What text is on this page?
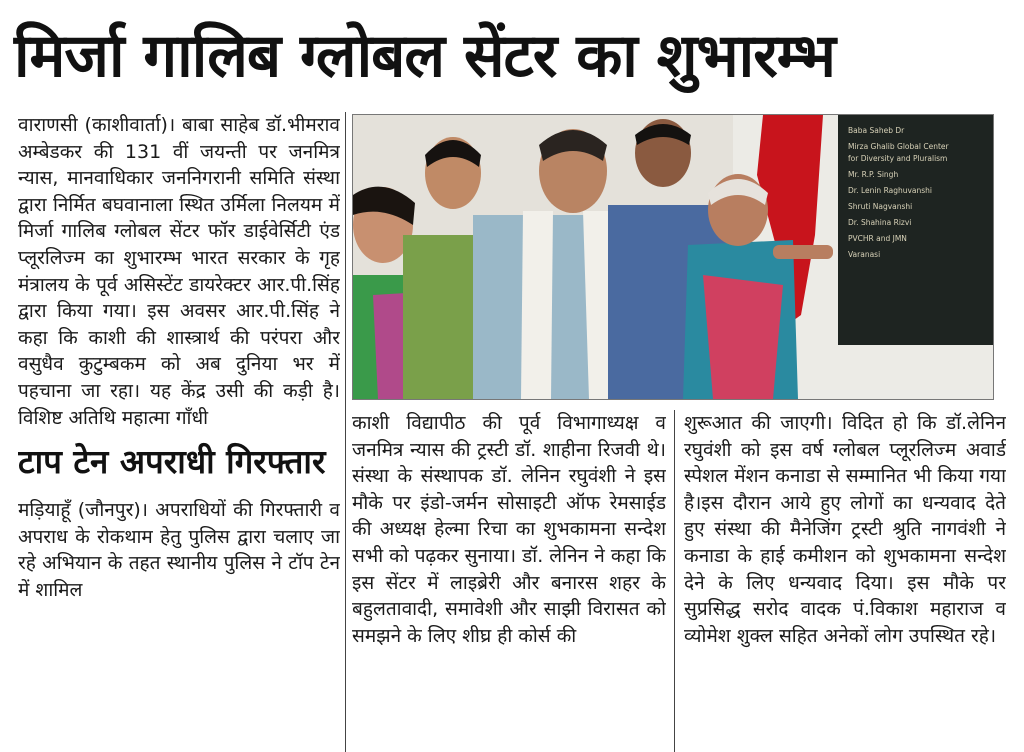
मिर्जा गालिब ग्लोबल सेंटर का शुभारम्भ

वाराणसी (काशीवार्ता)। बाबा साहेब डॉ.भीमराव अम्बेडकर की 131 वीं जयन्ती पर जनमित्र न्यास, मानवाधिकार जननिगरानी समिति संस्था द्वारा निर्मित बघवानाला स्थित उर्मिला निलयम में मिर्जा गालिब ग्लोबल सेंटर फॉर डाईवेर्सिटी एंड प्लूरलिज्म का शुभारम्भ भारत सरकार के गृह मंत्रालय के पूर्व असिस्टेंट डायरेक्टर आर.पी.सिंह द्वारा किया गया। इस अवसर आर.पी.सिंह ने कहा कि काशी की शास्त्रार्थ की परंपरा और वसुधैव कुटुम्बकम को अब दुनिया भर में पहचाना जा रहा। यह केंद्र उसी की कड़ी है। विशिष्ट अतिथि महात्मा गाँधी

टाप टेन अपराधी गिरफ्तार

मड़ियाहूँ (जौनपुर)। अपराधियों की गिरफ्तारी व अपराध के रोकथाम हेतु पुलिस द्वारा चलाए जा रहे अभियान के तहत स्थानीय पुलिस ने टॉप टेन में शामिल

Baba Saheb Dr
Mirza Ghalib Global Center
for Diversity and Pluralism
Mr. R.P. Singh
Dr. Lenin Raghuvanshi
Shruti Nagvanshi
Dr. Shahina Rizvi
PVCHR and JMN
Varanasi

काशी विद्यापीठ की पूर्व विभागाध्यक्ष व जनमित्र न्यास की ट्रस्टी डॉ. शाहीना रिजवी थे। संस्था के संस्थापक डॉ. लेनिन रघुवंशी ने इस मौके पर इंडो-जर्मन सोसाइटी ऑफ रेमसाईड की अध्यक्ष हेल्मा रिचा का शुभकामना सन्देश सभी को पढ़कर सुनाया। डॉ. लेनिन ने कहा कि इस सेंटर में लाइब्रेरी और बनारस शहर के बहुलतावादी, समावेशी और साझी विरासत को समझने के लिए शीघ्र ही कोर्स की

शुरूआत की जाएगी। विदित हो कि डॉ.लेनिन रघुवंशी को इस वर्ष ग्लोबल प्लूरलिज्म अवार्ड स्पेशल मेंशन कनाडा से सम्मानित भी किया गया है।इस दौरान आये हुए लोगों का धन्यवाद देते हुए संस्था की मैनेजिंग ट्रस्टी श्रुति नागवंशी ने कनाडा के हाई कमीशन को शुभकामना सन्देश देने के लिए धन्यवाद दिया। इस मौके पर सुप्रसिद्ध सरोद वादक पं.विकाश महाराज व व्योमेश शुक्ल सहित अनेकों लोग उपस्थित रहे।
